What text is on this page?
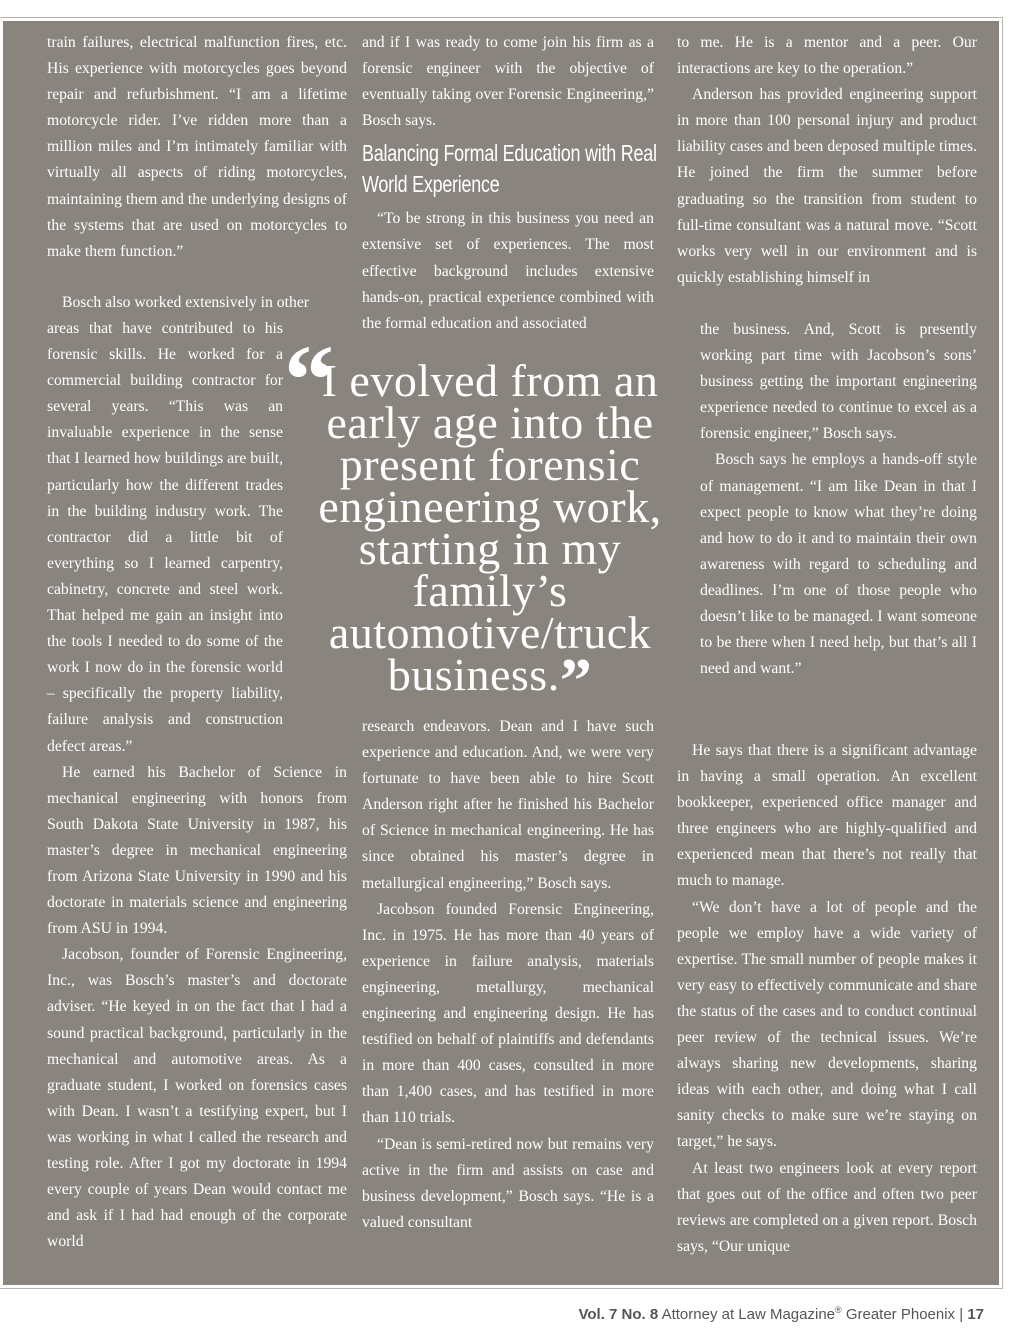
train failures, electrical malfunction fires, etc. His experience with motorcycles goes beyond repair and refurbishment. “I am a lifetime motorcycle rider. I’ve ridden more than a million miles and I’m intimately familiar with virtually all aspects of riding motorcycles, maintaining them and the underlying designs of the systems that are used on motorcycles to make them function.”

Bosch also worked extensively in other

areas that have contributed to his forensic skills. He worked for a commercial building contractor for several years. “This was an invaluable experience in the sense that I learned how buildings are built, particularly how the different trades in the building industry work. The contractor did a little bit of everything so I learned carpentry, cabinetry, concrete and steel work. That helped me gain an insight into the tools I needed to do some of the work I now do in the forensic world – specifically the property liability, failure analysis and construction defect areas.”

He earned his Bachelor of Science in mechanical engineering with honors from South Dakota State University in 1987, his master’s degree in mechanical engineering from Arizona State University in 1990 and his doctorate in materials science and engineering from ASU in 1994.

Jacobson, founder of Forensic Engineering, Inc., was Bosch’s master’s and doctorate adviser. “He keyed in on the fact that I had a sound practical background, particularly in the mechanical and automotive areas. As a graduate student, I worked on forensics cases with Dean. I wasn’t a testifying expert, but I was working in what I called the research and testing role. After I got my doctorate in 1994 every couple of years Dean would contact me and ask if I had had enough of the corporate world

and if I was ready to come join his firm as a forensic engineer with the objective of eventually taking over Forensic Engineering,” Bosch says.

Balancing Formal Education with Real World Experience

“To be strong in this business you need an extensive set of experiences. The most effective background includes extensive hands-on, practical experience combined with the formal education and associated

research endeavors. Dean and I have such experience and education. And, we were very fortunate to have been able to hire Scott Anderson right after he finished his Bachelor of Science in mechanical engineering. He has since obtained his master’s degree in metallurgical engineering,” Bosch says.

Jacobson founded Forensic Engineering, Inc. in 1975. He has more than 40 years of experience in failure analysis, materials engineering, metallurgy, mechanical engineering and engineering design. He has testified on behalf of plaintiffs and defendants in more than 400 cases, consulted in more than 1,400 cases, and has testified in more than 110 trials.

“Dean is semi-retired now but remains very active in the firm and assists on case and business development,” Bosch says. “He is a valued consultant

to me. He is a mentor and a peer. Our interactions are key to the operation.”

Anderson has provided engineering support in more than 100 personal injury and product liability cases and been deposed multiple times. He joined the firm the summer before graduating so the transition from student to full-time consultant was a natural move. “Scott works very well in our environment and is quickly establishing himself in

the business. And, Scott is presently working part time with Jacobson’s sons’ business getting the important engineering experience needed to continue to excel as a forensic engineer,” Bosch says.

Bosch says he employs a hands-off style of management. “I am like Dean in that I expect people to know what they’re doing and how to do it and to maintain their own awareness with regard to scheduling and deadlines. I’m one of those people who doesn’t like to be managed. I want someone to be there when I need help, but that’s all I need and want.”

He says that there is a significant advantage in having a small operation. An excellent bookkeeper, experienced office manager and three engineers who are highly-qualified and experienced mean that there’s not really that much to manage.

“We don’t have a lot of people and the people we employ have a wide variety of expertise. The small number of people makes it very easy to effectively communicate and share the status of the cases and to conduct continual peer review of the technical issues. We’re always sharing new developments, sharing ideas with each other, and doing what I call sanity checks to make sure we’re staying on target,” he says.

At least two engineers look at every report that goes out of the office and often two peer reviews are completed on a given report. Bosch says, “Our unique

“
I evolved from an early age into the present forensic engineering work, starting in my family’s automotive/truck business.”
Vol. 7 No. 8 Attorney at Law Magazine® Greater Phoenix | 17
